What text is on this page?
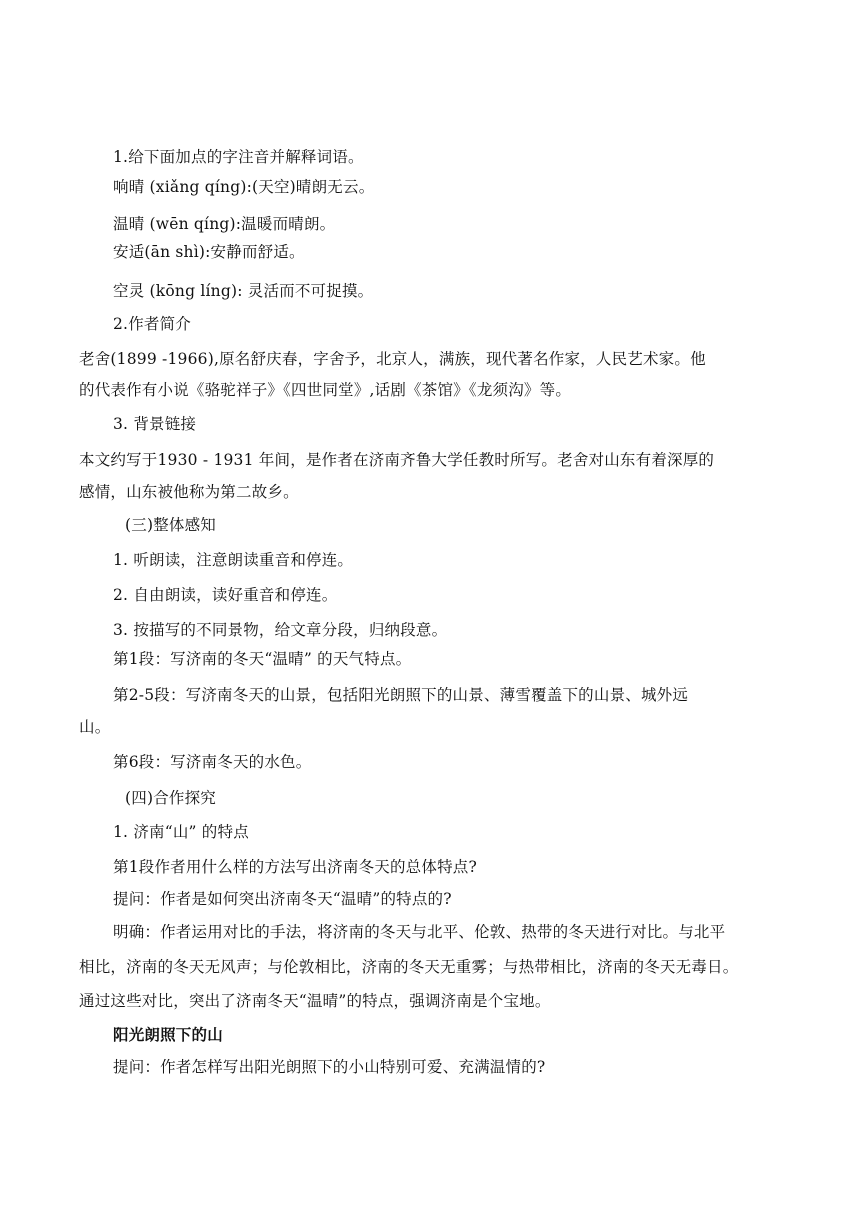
1.给下面加点的字注音并解释词语。
响晴 (xiǎng qíng):(天空)晴朗无云。
温晴 (wēn qíng):温暖而晴朗。
安适(ān shì):安静而舒适。
空灵 (kōng líng): 灵活而不可捉摸。
2.作者简介
老舍(1899 -1966),原名舒庆春，字舍予，北京人，满族，现代著名作家，人民艺术家。他
的代表作有小说《骆驼祥子》《四世同堂》,话剧《茶馆》《龙须沟》等。
3. 背景链接
本文约写于1930 - 1931 年间，是作者在济南齐鲁大学任教时所写。老舍对山东有着深厚的
感情，山东被他称为第二故乡。
(三)整体感知
1. 听朗读，注意朗读重音和停连。
2. 自由朗读，读好重音和停连。
3. 按描写的不同景物，给文章分段，归纳段意。
第1段：写济南的冬天“温晴” 的天气特点。
第2-5段：写济南冬天的山景，包括阳光朗照下的山景、薄雪覆盖下的山景、城外远
山。
第6段：写济南冬天的水色。
(四)合作探究
1. 济南“山” 的特点
第1段作者用什么样的方法写出济南冬天的总体特点?
提问：作者是如何突出济南冬天“温晴”的特点的?
明确：作者运用对比的手法，将济南的冬天与北平、伦敦、热带的冬天进行对比。与北平
相比，济南的冬天无风声；与伦敦相比，济南的冬天无重雾；与热带相比，济南的冬天无毒日。
通过这些对比，突出了济南冬天“温晴”的特点，强调济南是个宝地。
阳光朗照下的山
提问：作者怎样写出阳光朗照下的小山特别可爱、充满温情的?
